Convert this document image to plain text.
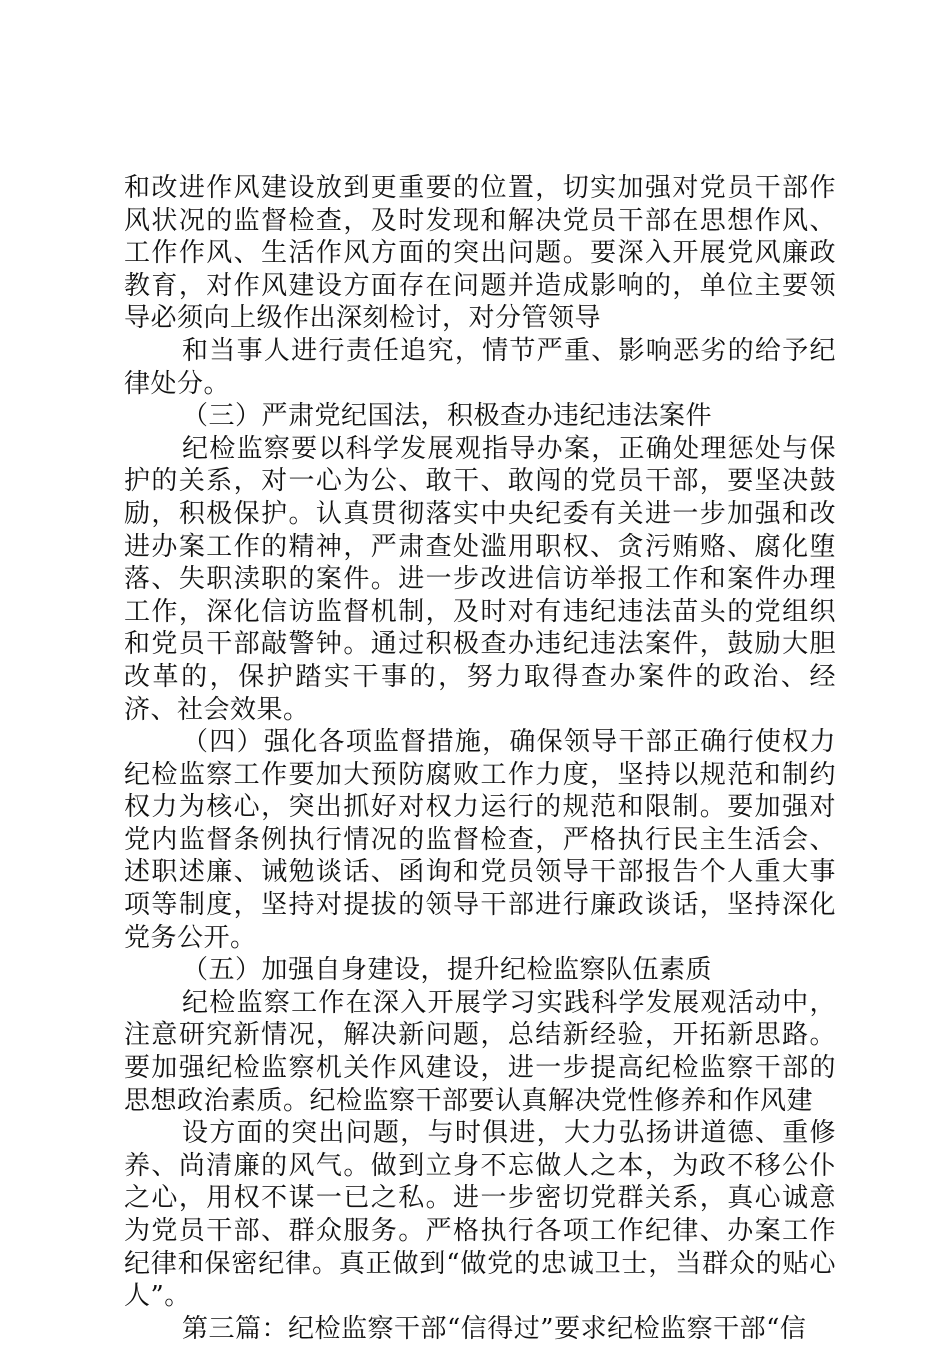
和改进作风建设放到更重要的位置，切实加强对党员干部作风状况的监督检查，及时发现和解决党员干部在思想作风、工作作风、生活作风方面的突出问题。要深入开展党风廉政教育，对作风建设方面存在问题并造成影响的，单位主要领导必须向上级作出深刻检讨，对分管领导

和当事人进行责任追究，情节严重、影响恶劣的给予纪律处分。

（三）严肃党纪国法，积极查办违纪违法案件

纪检监察要以科学发展观指导办案，正确处理惩处与保护的关系，对一心为公、敢干、敢闯的党员干部，要坚决鼓励，积极保护。认真贯彻落实中央纪委有关进一步加强和改进办案工作的精神，严肃查处滥用职权、贪污贿赂、腐化堕落、失职渎职的案件。进一步改进信访举报工作和案件办理工作，深化信访监督机制，及时对有违纪违法苗头的党组织和党员干部敲警钟。通过积极查办违纪违法案件，鼓励大胆改革的，保护踏实干事的，努力取得查办案件的政治、经济、社会效果。

（四）强化各项监督措施，确保领导干部正确行使权力纪检监察工作要加大预防腐败工作力度，坚持以规范和制约权力为核心，突出抓好对权力运行的规范和限制。要加强对党内监督条例执行情况的监督检查，严格执行民主生活会、述职述廉、诫勉谈话、函询和党员领导干部报告个人重大事项等制度，坚持对提拔的领导干部进行廉政谈话，坚持深化党务公开。

（五）加强自身建设，提升纪检监察队伍素质

纪检监察工作在深入开展学习实践科学发展观活动中，注意研究新情况，解决新问题，总结新经验，开拓新思路。要加强纪检监察机关作风建设，进一步提高纪检监察干部的思想政治素质。纪检监察干部要认真解决党性修养和作风建

设方面的突出问题，与时俱进，大力弘扬讲道德、重修养、尚清廉的风气。做到立身不忘做人之本，为政不移公仆之心，用权不谋一已之私。进一步密切党群关系，真心诚意为党员干部、群众服务。严格执行各项工作纪律、办案工作纪律和保密纪律。真正做到“做党的忠诚卫士，当群众的贴心人”。

第三篇：纪检监察干部“信得过”要求纪检监察干部“信
